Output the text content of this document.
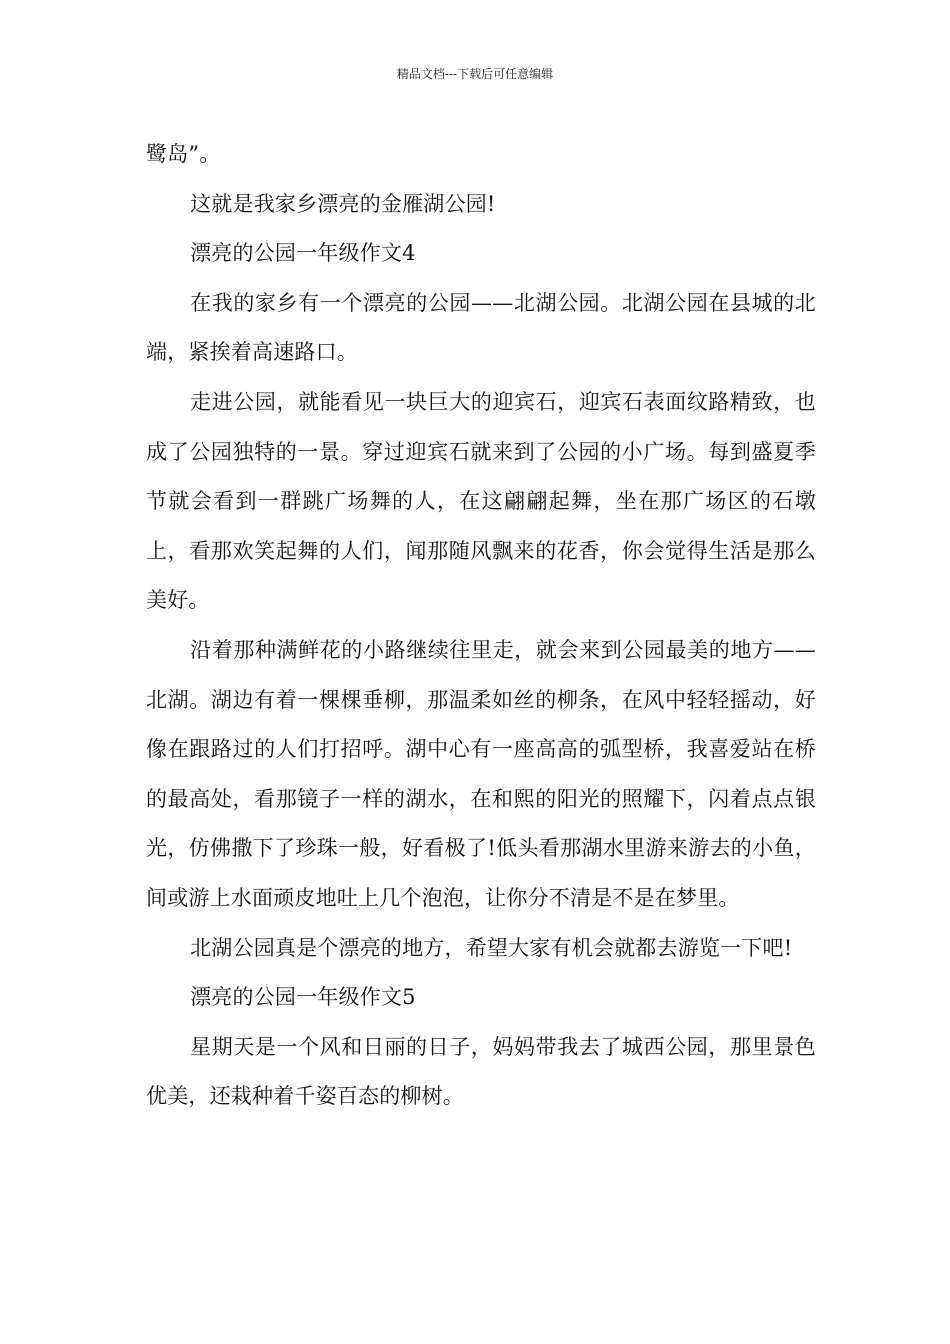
精品文档---下载后可任意编辑

鹭岛”。

这就是我家乡漂亮的金雁湖公园!

漂亮的公园一年级作文4

在我的家乡有一个漂亮的公园——北湖公园。北湖公园在县城的北端，紧挨着高速路口。

走进公园，就能看见一块巨大的迎宾石，迎宾石表面纹路精致，也成了公园独特的一景。穿过迎宾石就来到了公园的小广场。每到盛夏季节就会看到一群跳广场舞的人，在这翩翩起舞，坐在那广场区的石墩上，看那欢笑起舞的人们，闻那随风飘来的花香，你会觉得生活是那么美好。

沿着那种满鲜花的小路继续往里走，就会来到公园最美的地方——北湖。湖边有着一棵棵垂柳，那温柔如丝的柳条，在风中轻轻摇动，好像在跟路过的人们打招呼。湖中心有一座高高的弧型桥，我喜爱站在桥的最高处，看那镜子一样的湖水，在和熙的阳光的照耀下，闪着点点银光，仿佛撒下了珍珠一般，好看极了!低头看那湖水里游来游去的小鱼，间或游上水面顽皮地吐上几个泡泡，让你分不清是不是在梦里。

北湖公园真是个漂亮的地方，希望大家有机会就都去游览一下吧!

漂亮的公园一年级作文5

星期天是一个风和日丽的日子，妈妈带我去了城西公园，那里景色优美，还栽种着千姿百态的柳树。
